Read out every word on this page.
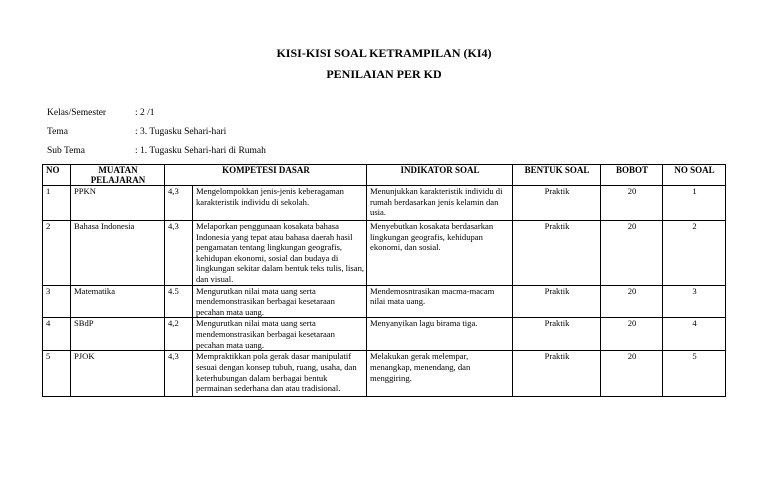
KISI-KISI SOAL KETRAMPILAN (KI4)
PENILAIAN PER KD
Kelas/Semester	: 2 /1
Tema	: 3. Tugasku Sehari-hari
Sub Tema	: 1. Tugasku Sehari-hari di Rumah
NO	MUATAN PELAJARAN	KOMPETESI DASAR		INDIKATOR SOAL	BENTUK SOAL	BOBOT	NO SOAL
1	PPKN	4,3	Mengelompokkan jenis-jenis keberagaman karakteristik individu di sekolah.	Menunjukkan karakteristik individu di rumah berdasarkan jenis kelamin dan usia.	Praktik	20	1
2	Bahasa Indonesia	4,3	Melaporkan penggunaan kosakata bahasa Indonesia yang tepat atau bahasa daerah hasil pengamatan tentang lingkungan geografis, kehidupan ekonomi, sosial dan budaya di lingkungan sekitar dalam bentuk teks tulis, lisan, dan visual.	Menyebutkan kosakata berdasarkan lingkungan geografis, kehidupan ekonomi, dan sosial.	Praktik	20	2
3	Matematika	4.5	Mengurutkan nilai mata uang serta mendemonstrasikan berbagai kesetaraan pecahan mata uang.	Mendemosntrasikan macma-macam nilai mata uang.	Praktik	20	3
4	SBdP	4,2	Mengurutkan nilai mata uang serta mendemonstrasikan berbagai kesetaraan pecahan mata uang.	Menyanyikan lagu birama tiga.	Praktik	20	4
5	PJOK	4,3	Mempraktikkan pola gerak dasar manipulatif sesuai dengan konsep tubuh, ruang, usaha, dan keterhubungan dalam berbagai bentuk permainan sederhana dan atau tradisional.	Melakukan gerak melempar, menangkap, menendang, dan menggiring.	Praktik	20	5
